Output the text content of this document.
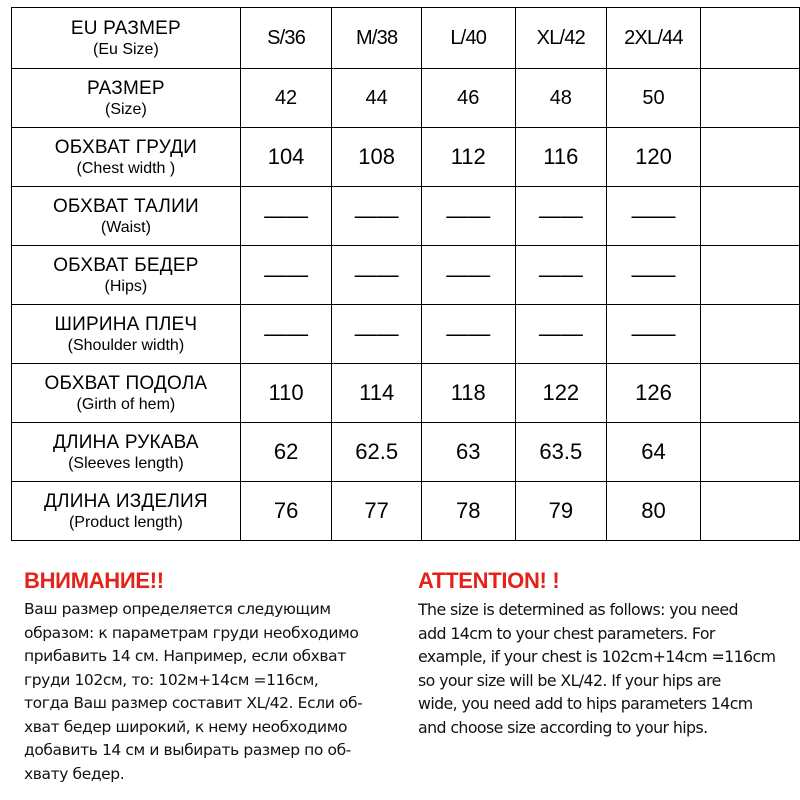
EU РАЗМЕР
(Eu Size)	S/36	M/38	L/40	XL/42	2XL/44	

РАЗМЕР
(Size)	42	44	46	48	50	

ОБХВАТ ГРУДИ
(Chest width )	104	108	112	116	120	

ОБХВАТ ТАЛИИ
(Waist)	——	——	——	——	——	

ОБХВАТ БЕДЕР
(Hips)	——	——	——	——	——	

ШИРИНА ПЛЕЧ
(Shoulder width)	——	——	——	——	——	

ОБХВАТ ПОДОЛА
(Girth of hem)	110	114	118	122	126	

ДЛИНА РУКАВА
(Sleeves length)	62	62.5	63	63.5	64	

ДЛИНА ИЗДЕЛИЯ
(Product length)	76	77	78	79	80	
ВНИМАНИЕ!!
Ваш размер определяется следующим
образом: к параметрам груди необходимо
прибавить 14 см. Например, если обхват
груди 102см, то: 102м+14см =116см,
тогда Ваш размер составит XL/42. Если об-
хват бедер широкий, к нему необходимо
добавить 14 см и выбирать размер по об-
хвату бедер.
ATTENTION! !
The size is determined as follows: you need
add 14cm to your chest parameters. For
example, if your chest is 102cm+14cm =116cm
so your size will be XL/42. If your hips are
wide, you need add to hips parameters 14cm
and choose size according to your hips.
